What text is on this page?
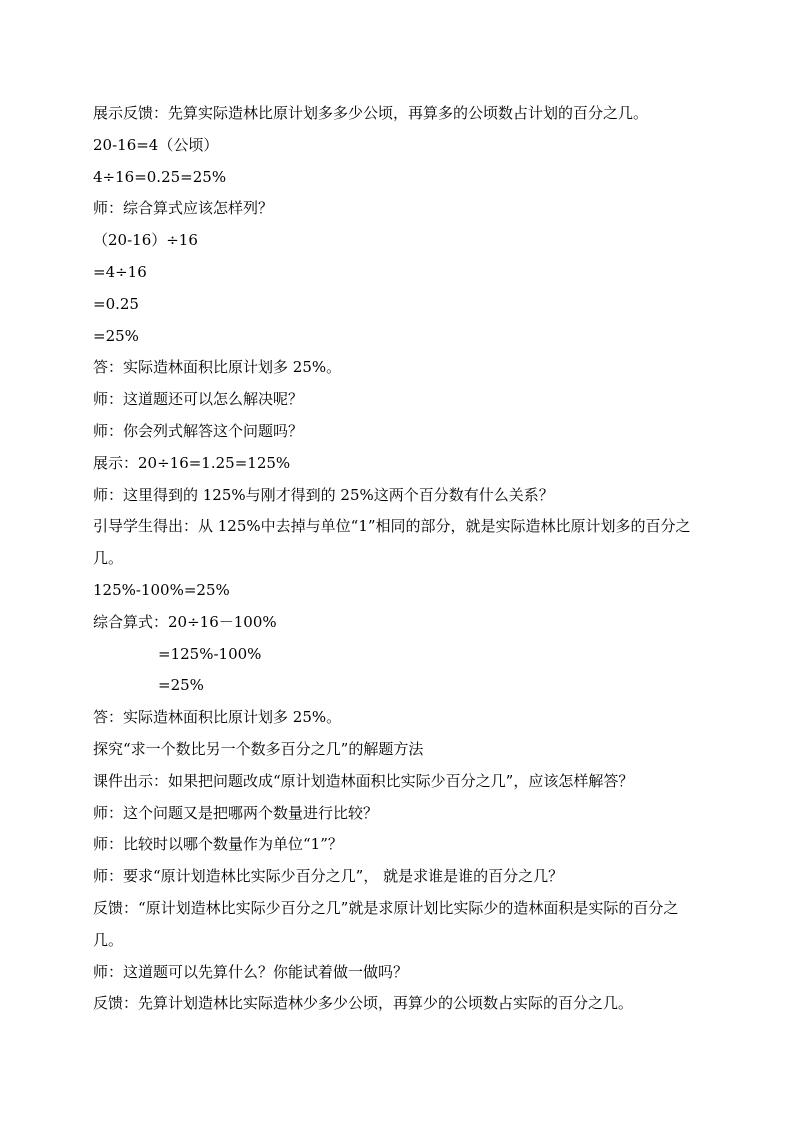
展示反馈：先算实际造林比原计划多多少公顷，再算多的公顷数占计划的百分之几。
20-16=4（公顷）
4÷16=0.25=25%
师：综合算式应该怎样列？
（20-16）÷16
=4÷16
=0.25
=25%
答：实际造林面积比原计划多 25%。
师：这道题还可以怎么解决呢？
师：你会列式解答这个问题吗？
展示：20÷16=1.25=125%
师：这里得到的 125%与刚才得到的 25%这两个百分数有什么关系？
引导学生得出：从 125%中去掉与单位“1”相同的部分，就是实际造林比原计划多的百分之几。
125%-100%=25%
综合算式：20÷16－100%
=125%-100%
=25%
答：实际造林面积比原计划多 25%。
探究“求一个数比另一个数多百分之几”的解题方法
课件出示：如果把问题改成“原计划造林面积比实际少百分之几”，应该怎样解答？
师：这个问题又是把哪两个数量进行比较？
师：比较时以哪个数量作为单位“1”？
师：要求“原计划造林比实际少百分之几”， 就是求谁是谁的百分之几？
反馈：“原计划造林比实际少百分之几”就是求原计划比实际少的造林面积是实际的百分之几。
师：这道题可以先算什么？你能试着做一做吗？
反馈：先算计划造林比实际造林少多少公顷，再算少的公顷数占实际的百分之几。
